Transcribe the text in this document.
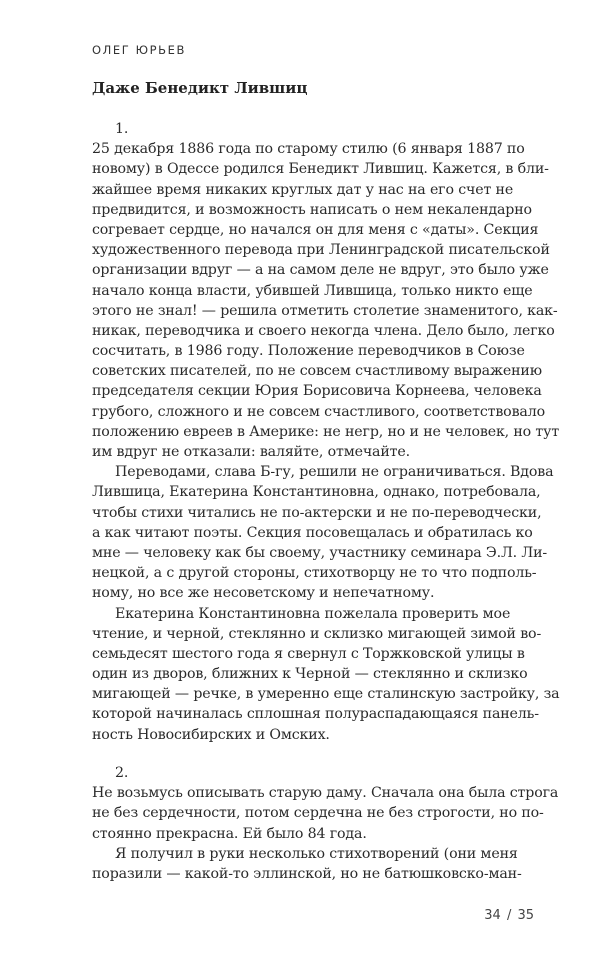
ОЛЕГ ЮРЬЕВ
Даже Бенедикт Лившиц
1.
25 декабря 1886 года по старому стилю (6 января 1887 по
новому) в Одессе родился Бенедикт Лившиц. Кажется, в бли-
жайшее время никаких круглых дат у нас на его счет не
предвидится, и возможность написать о нем некалендарно
согревает сердце, но начался он для меня с «даты». Секция
художественного перевода при Ленинградской писательской
организации вдруг — а на самом деле не вдруг, это было уже
начало конца власти, убившей Лившица, только никто еще
этого не знал! — решила отметить столетие знаменитого, как-
никак, переводчика и своего некогда члена. Дело было, легко
сосчитать, в 1986 году. Положение переводчиков в Союзе
советских писателей, по не совсем счастливому выражению
председателя секции Юрия Борисовича Корнеева, человека
грубого, сложного и не совсем счастливого, соответствовало
положению евреев в Америке: не негр, но и не человек, но тут
им вдруг не отказали: валяйте, отмечайте.
Переводами, слава Б-гу, решили не ограничиваться. Вдова
Лившица, Екатерина Константиновна, однако, потребовала,
чтобы стихи читались не по-актерски и не по-переводчески,
а как читают поэты. Секция посовещалась и обратилась ко
мне — человеку как бы своему, участнику семинара Э.Л. Ли-
нецкой, а с другой стороны, стихотворцу не то что подполь-
ному, но все же несоветскому и непечатному.
Екатерина Константиновна пожелала проверить мое
чтение, и черной, стеклянно и склизко мигающей зимой во-
семьдесят шестого года я свернул с Торжковской улицы в
один из дворов, ближних к Черной — стеклянно и склизко
мигающей — речке, в умеренно еще сталинскую застройку, за
которой начиналась сплошная полураспадающаяся панель-
ность Новосибирских и Омских.
2.
Не возьмусь описывать старую даму. Сначала она была строга
не без сердечности, потом сердечна не без строгости, но по-
стоянно прекрасна. Ей было 84 года.
Я получил в руки несколько стихотворений (они меня
поразили — какой-то эллинской, но не батюшковско-ман-
34 / 35
